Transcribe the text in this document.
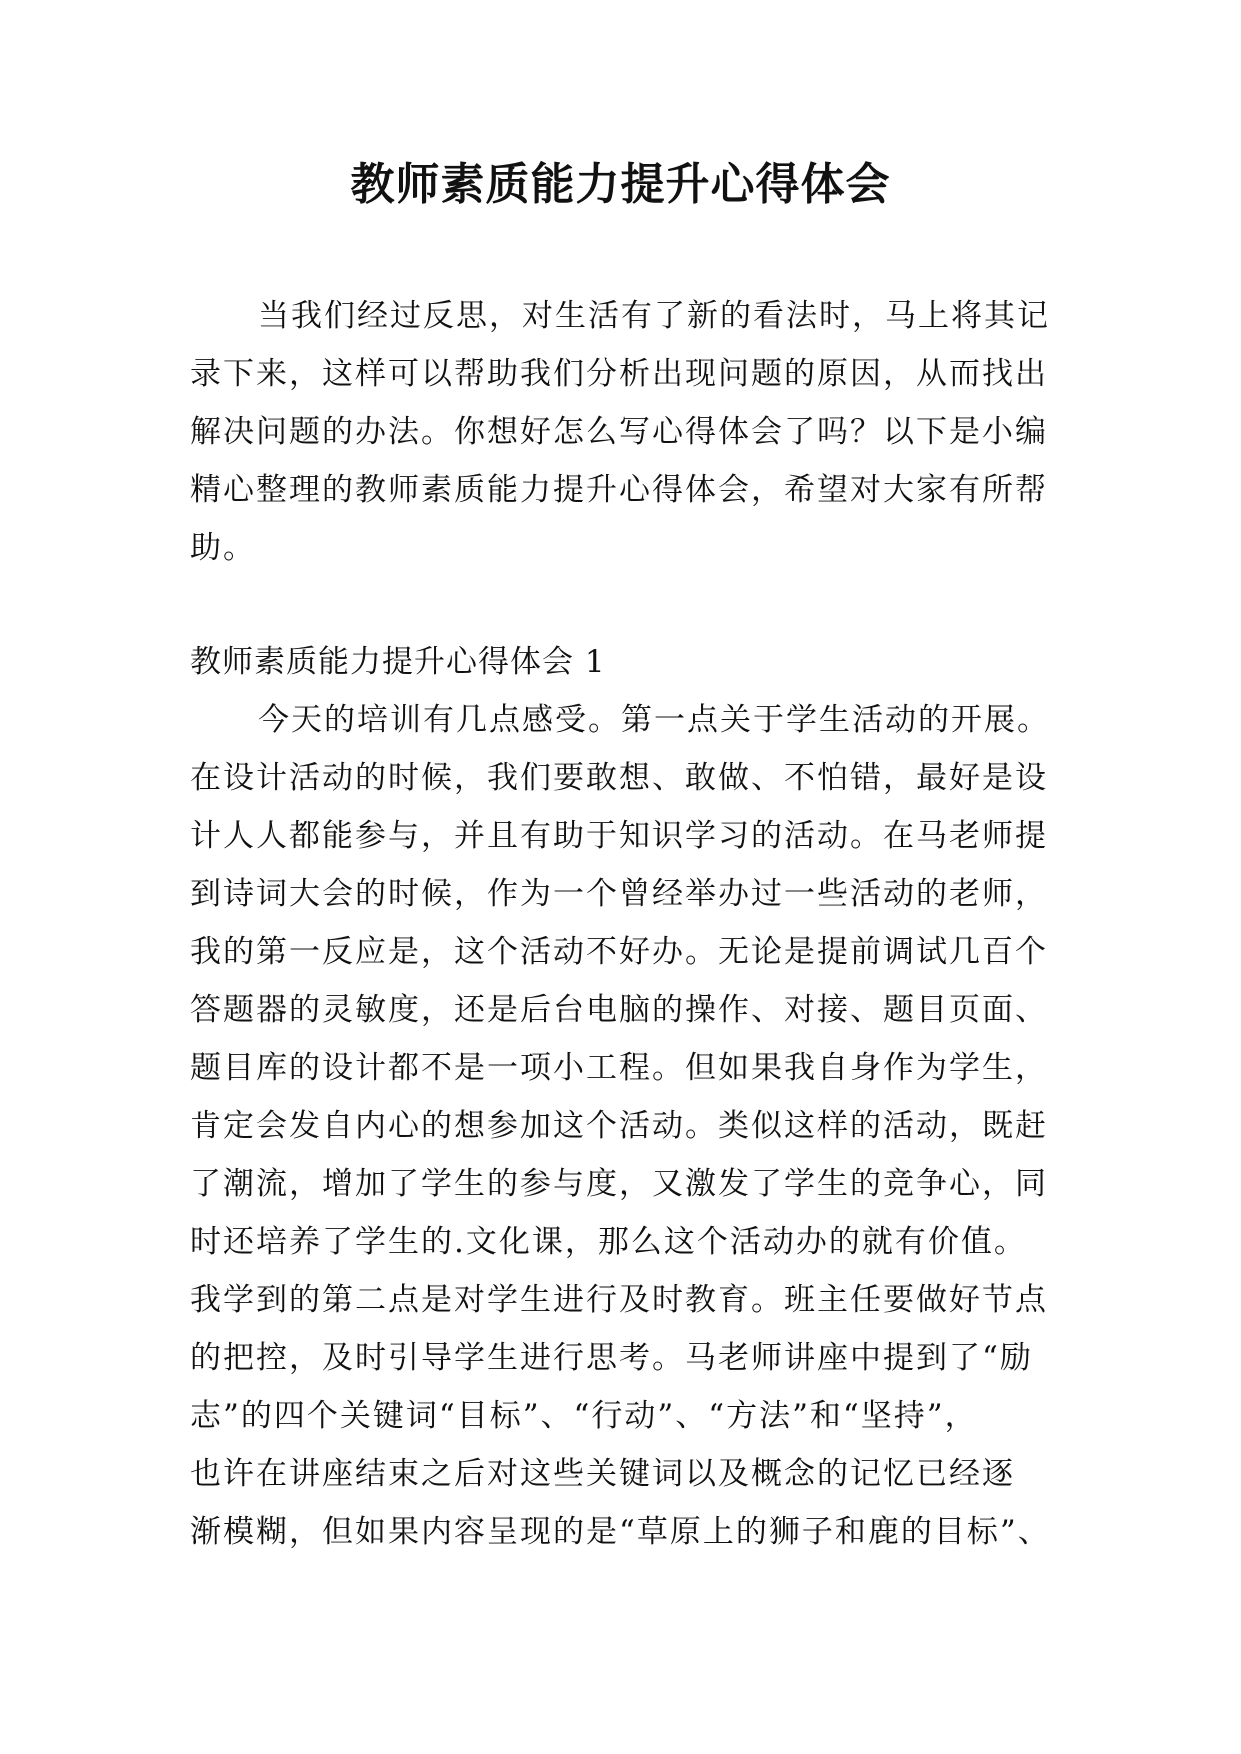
教师素质能力提升心得体会
当我们经过反思，对生活有了新的看法时，马上将其记
录下来，这样可以帮助我们分析出现问题的原因，从而找出
解决问题的办法。你想好怎么写心得体会了吗？以下是小编
精心整理的教师素质能力提升心得体会，希望对大家有所帮
助。
教师素质能力提升心得体会 1
今天的培训有几点感受。第一点关于学生活动的开展。
在设计活动的时候，我们要敢想、敢做、不怕错，最好是设
计人人都能参与，并且有助于知识学习的活动。在马老师提
到诗词大会的时候，作为一个曾经举办过一些活动的老师，
我的第一反应是，这个活动不好办。无论是提前调试几百个
答题器的灵敏度，还是后台电脑的操作、对接、题目页面、
题目库的设计都不是一项小工程。但如果我自身作为学生，
肯定会发自内心的想参加这个活动。类似这样的活动，既赶
了潮流，增加了学生的参与度，又激发了学生的竞争心，同
时还培养了学生的.文化课，那么这个活动办的就有价值。
我学到的第二点是对学生进行及时教育。班主任要做好节点
的把控，及时引导学生进行思考。马老师讲座中提到了“励
志”的四个关键词“目标”、“行动”、“方法”和“坚持”，
也许在讲座结束之后对这些关键词以及概念的记忆已经逐
渐模糊，但如果内容呈现的是“草原上的狮子和鹿的目标”、
